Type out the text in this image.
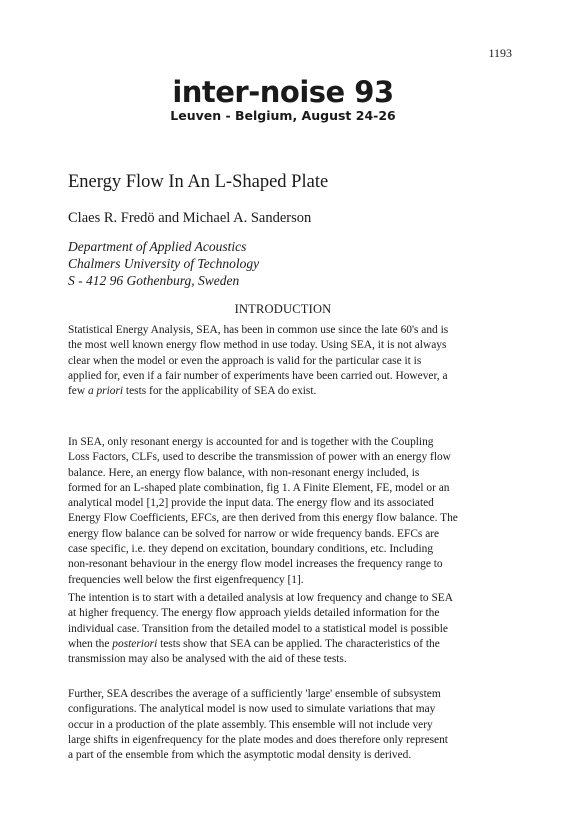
1193
inter-noise 93
Leuven - Belgium, August 24-26
Energy Flow In An L-Shaped Plate
Claes R. Fredö and Michael A. Sanderson
Department of Applied Acoustics
Chalmers University of Technology
S - 412 96 Gothenburg, Sweden
INTRODUCTION
Statistical Energy Analysis, SEA, has been in common use since the late 60's and is
the most well known energy flow method in use today. Using SEA, it is not always
clear when the model or even the approach is valid for the particular case it is
applied for, even if a fair number of experiments have been carried out. However, a
few a priori tests for the applicability of SEA do exist.
In SEA, only resonant energy is accounted for and is together with the Coupling
Loss Factors, CLFs, used to describe the transmission of power with an energy flow
balance. Here, an energy flow balance, with non-resonant energy included, is
formed for an L-shaped plate combination, fig 1. A Finite Element, FE, model or an
analytical model [1,2] provide the input data. The energy flow and its associated
Energy Flow Coefficients, EFCs, are then derived from this energy flow balance. The
energy flow balance can be solved for narrow or wide frequency bands. EFCs are
case specific, i.e. they depend on excitation, boundary conditions, etc. Including
non-resonant behaviour in the energy flow model increases the frequency range to
frequencies well below the first eigenfrequency [1].
The intention is to start with a detailed analysis at low frequency and change to SEA
at higher frequency. The energy flow approach yields detailed information for the
individual case. Transition from the detailed model to a statistical model is possible
when the posteriori tests show that SEA can be applied. The characteristics of the
transmission may also be analysed with the aid of these tests.
Further, SEA describes the average of a sufficiently 'large' ensemble of subsystem
configurations. The analytical model is now used to simulate variations that may
occur in a production of the plate assembly. This ensemble will not include very
large shifts in eigenfrequency for the plate modes and does therefore only represent
a part of the ensemble from which the asymptotic modal density is derived.
